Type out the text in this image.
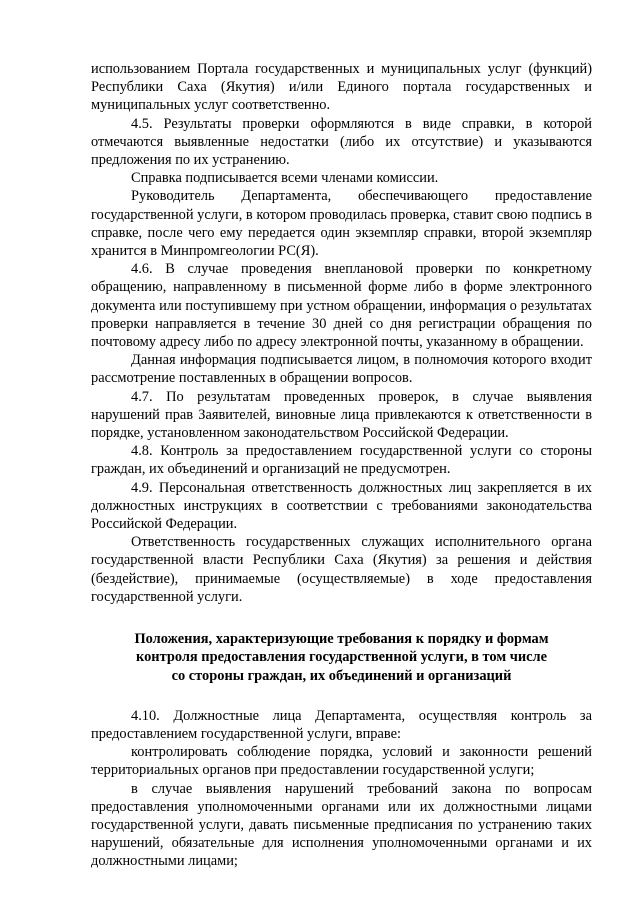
использованием Портала государственных и муниципальных услуг (функций) Республики Саха (Якутия) и/или Единого портала государственных и муниципальных услуг соответственно.

4.5. Результаты проверки оформляются в виде справки, в которой отмечаются выявленные недостатки (либо их отсутствие) и указываются предложения по их устранению.

Справка подписывается всеми членами комиссии.

Руководитель Департамента, обеспечивающего предоставление государственной услуги, в котором проводилась проверка, ставит свою подпись в справке, после чего ему передается один экземпляр справки, второй экземпляр хранится в Минпромгеологии РС(Я).

4.6. В случае проведения внеплановой проверки по конкретному обращению, направленному в письменной форме либо в форме электронного документа или поступившему при устном обращении, информация о результатах проверки направляется в течение 30 дней со дня регистрации обращения по почтовому адресу либо по адресу электронной почты, указанному в обращении.

Данная информация подписывается лицом, в полномочия которого входит рассмотрение поставленных в обращении вопросов.

4.7. По результатам проведенных проверок, в случае выявления нарушений прав Заявителей, виновные лица привлекаются к ответственности в порядке, установленном законодательством Российской Федерации.

4.8. Контроль за предоставлением государственной услуги со стороны граждан, их объединений и организаций не предусмотрен.

4.9. Персональная ответственность должностных лиц закрепляется в их должностных инструкциях в соответствии с требованиями законодательства Российской Федерации.

Ответственность государственных служащих исполнительного органа государственной власти Республики Саха (Якутия) за решения и действия (бездействие), принимаемые (осуществляемые) в ходе предоставления государственной услуги.

Положения, характеризующие требования к порядку и формам
контроля предоставления государственной услуги, в том числе
со стороны граждан, их объединений и организаций

4.10. Должностные лица Департамента, осуществляя контроль за предоставлением государственной услуги, вправе:

контролировать соблюдение порядка, условий и законности решений территориальных органов при предоставлении государственной услуги;

в случае выявления нарушений требований закона по вопросам предоставления уполномоченными органами или их должностными лицами государственной услуги, давать письменные предписания по устранению таких нарушений, обязательные для исполнения уполномоченными органами и их должностными лицами;
